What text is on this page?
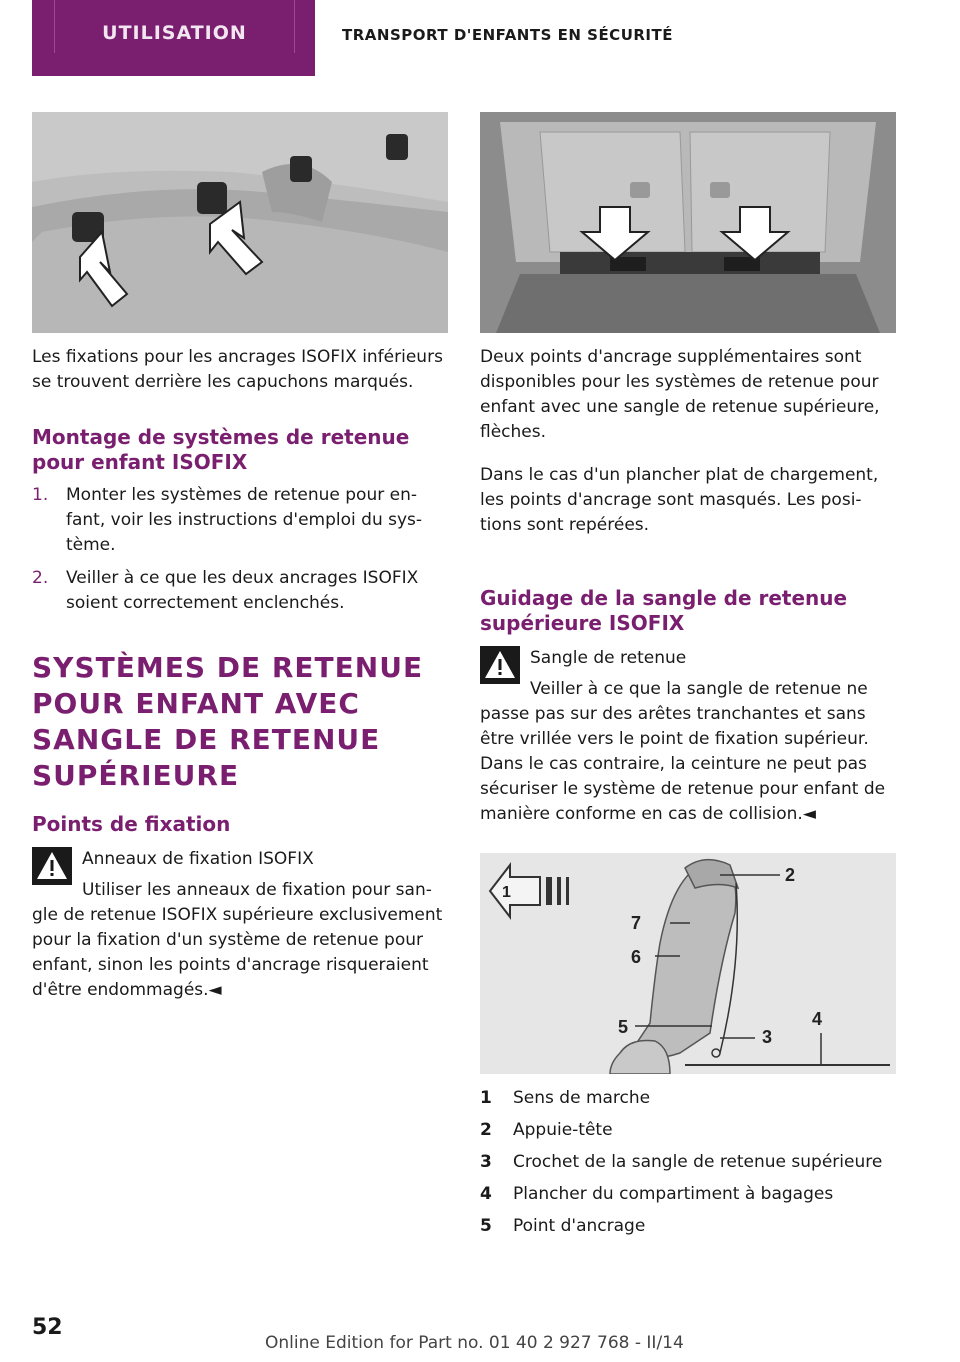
UTILISATION	TRANSPORT D'ENFANTS EN SÉCURITÉ

Les fixations pour les ancrages ISOFIX inférieurs se trouvent derrière les capuchons marqués.

Montage de systèmes de retenue pour enfant ISOFIX

1. Monter les systèmes de retenue pour enfant, voir les instructions d'emploi du système.
2. Veiller à ce que les deux ancrages ISOFIX soient correctement enclenchés.

SYSTÈMES DE RETENUE POUR ENFANT AVEC SANGLE DE RETENUE SUPÉRIEURE

Points de fixation

Anneaux de fixation ISOFIX

Utiliser les anneaux de fixation pour sangle de retenue ISOFIX supérieure exclusivement pour la fixation d'un système de retenue pour enfant, sinon les points d'ancrage risqueraient d'être endommagés.◄

Deux points d'ancrage supplémentaires sont disponibles pour les systèmes de retenue pour enfant avec une sangle de retenue supérieure, flèches.

Dans le cas d'un plancher plat de chargement, les points d'ancrage sont masqués. Les positions sont repérées.

Guidage de la sangle de retenue supérieure ISOFIX

Sangle de retenue

Veiller à ce que la sangle de retenue ne passe pas sur des arêtes tranchantes et sans être vrillée vers le point de fixation supérieur. Dans le cas contraire, la ceinture ne peut pas sécuriser le système de retenue pour enfant de manière conforme en cas de collision.◄

2
7
6
5	3
4
1
1 Sens de marche
2 Appuie-tête
3 Crochet de la sangle de retenue supérieure
4 Plancher du compartiment à bagages
5 Point d'ancrage
52
Online Edition for Part no. 01 40 2 927 768 - II/14
